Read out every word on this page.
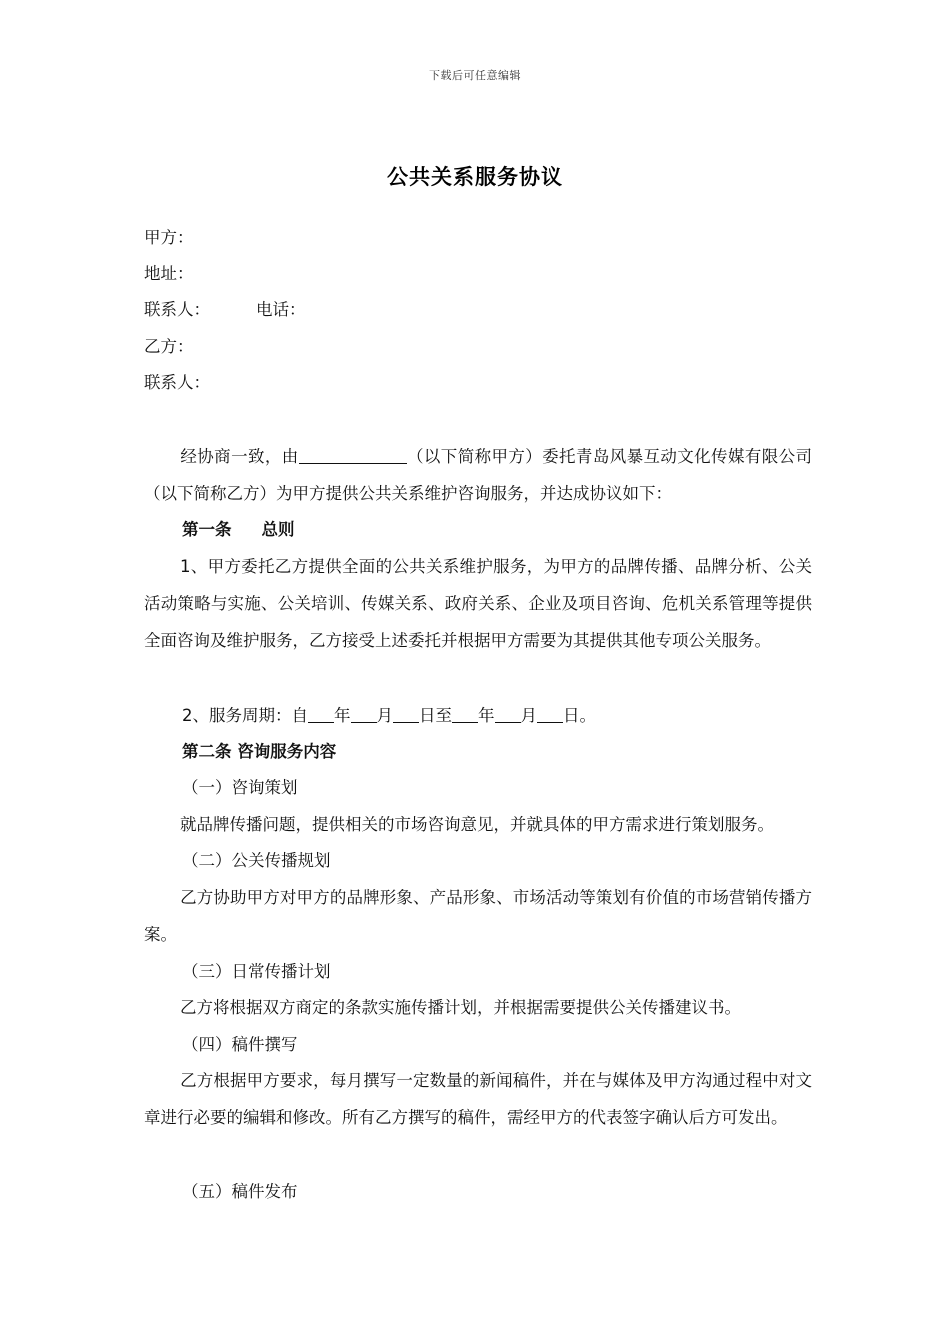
下载后可任意编辑
公共关系服务协议
甲方：
地址：
联系人：	电话：
乙方：
联系人：
经协商一致，由	（以下简称甲方）委托青岛风暴互动文化传媒有限公司（以下简称乙方）为甲方提供公共关系维护咨询服务，并达成协议如下：
第一条 总则
1、甲方委托乙方提供全面的公共关系维护服务，为甲方的品牌传播、品牌分析、公关活动策略与实施、公关培训、传媒关系、政府关系、企业及项目咨询、危机关系管理等提供全面咨询及维护服务，乙方接受上述委托并根据甲方需要为其提供其他专项公关服务。
2、服务周期：自 年 月 日至 年 月 日。
第二条 咨询服务内容
（一）咨询策划
就品牌传播问题，提供相关的市场咨询意见，并就具体的甲方需求进行策划服务。
（二）公关传播规划
乙方协助甲方对甲方的品牌形象、产品形象、市场活动等策划有价值的市场营销传播方案。
（三）日常传播计划
乙方将根据双方商定的条款实施传播计划，并根据需要提供公关传播建议书。
（四）稿件撰写
乙方根据甲方要求，每月撰写一定数量的新闻稿件，并在与媒体及甲方沟通过程中对文章进行必要的编辑和修改。所有乙方撰写的稿件，需经甲方的代表签字确认后方可发出。
（五）稿件发布
